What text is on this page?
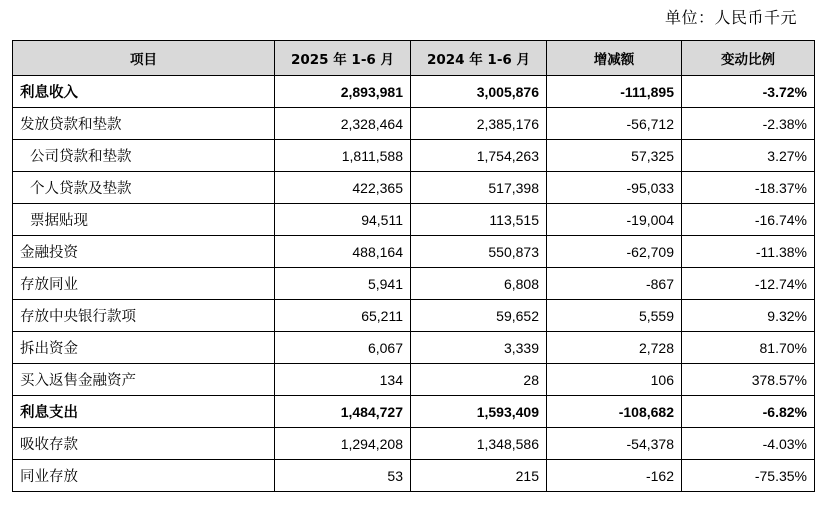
单位：人民币千元
项目	2025 年 1-6 月	2024 年 1-6 月	增减额	变动比例
利息收入	2,893,981	3,005,876	-111,895	-3.72%
发放贷款和垫款	2,328,464	2,385,176	-56,712	-2.38%
公司贷款和垫款	1,811,588	1,754,263	57,325	3.27%
个人贷款及垫款	422,365	517,398	-95,033	-18.37%
票据贴现	94,511	113,515	-19,004	-16.74%
金融投资	488,164	550,873	-62,709	-11.38%
存放同业	5,941	6,808	-867	-12.74%
存放中央银行款项	65,211	59,652	5,559	9.32%
拆出资金	6,067	3,339	2,728	81.70%
买入返售金融资产	134	28	106	378.57%
利息支出	1,484,727	1,593,409	-108,682	-6.82%
吸收存款	1,294,208	1,348,586	-54,378	-4.03%
同业存放	53	215	-162	-75.35%
